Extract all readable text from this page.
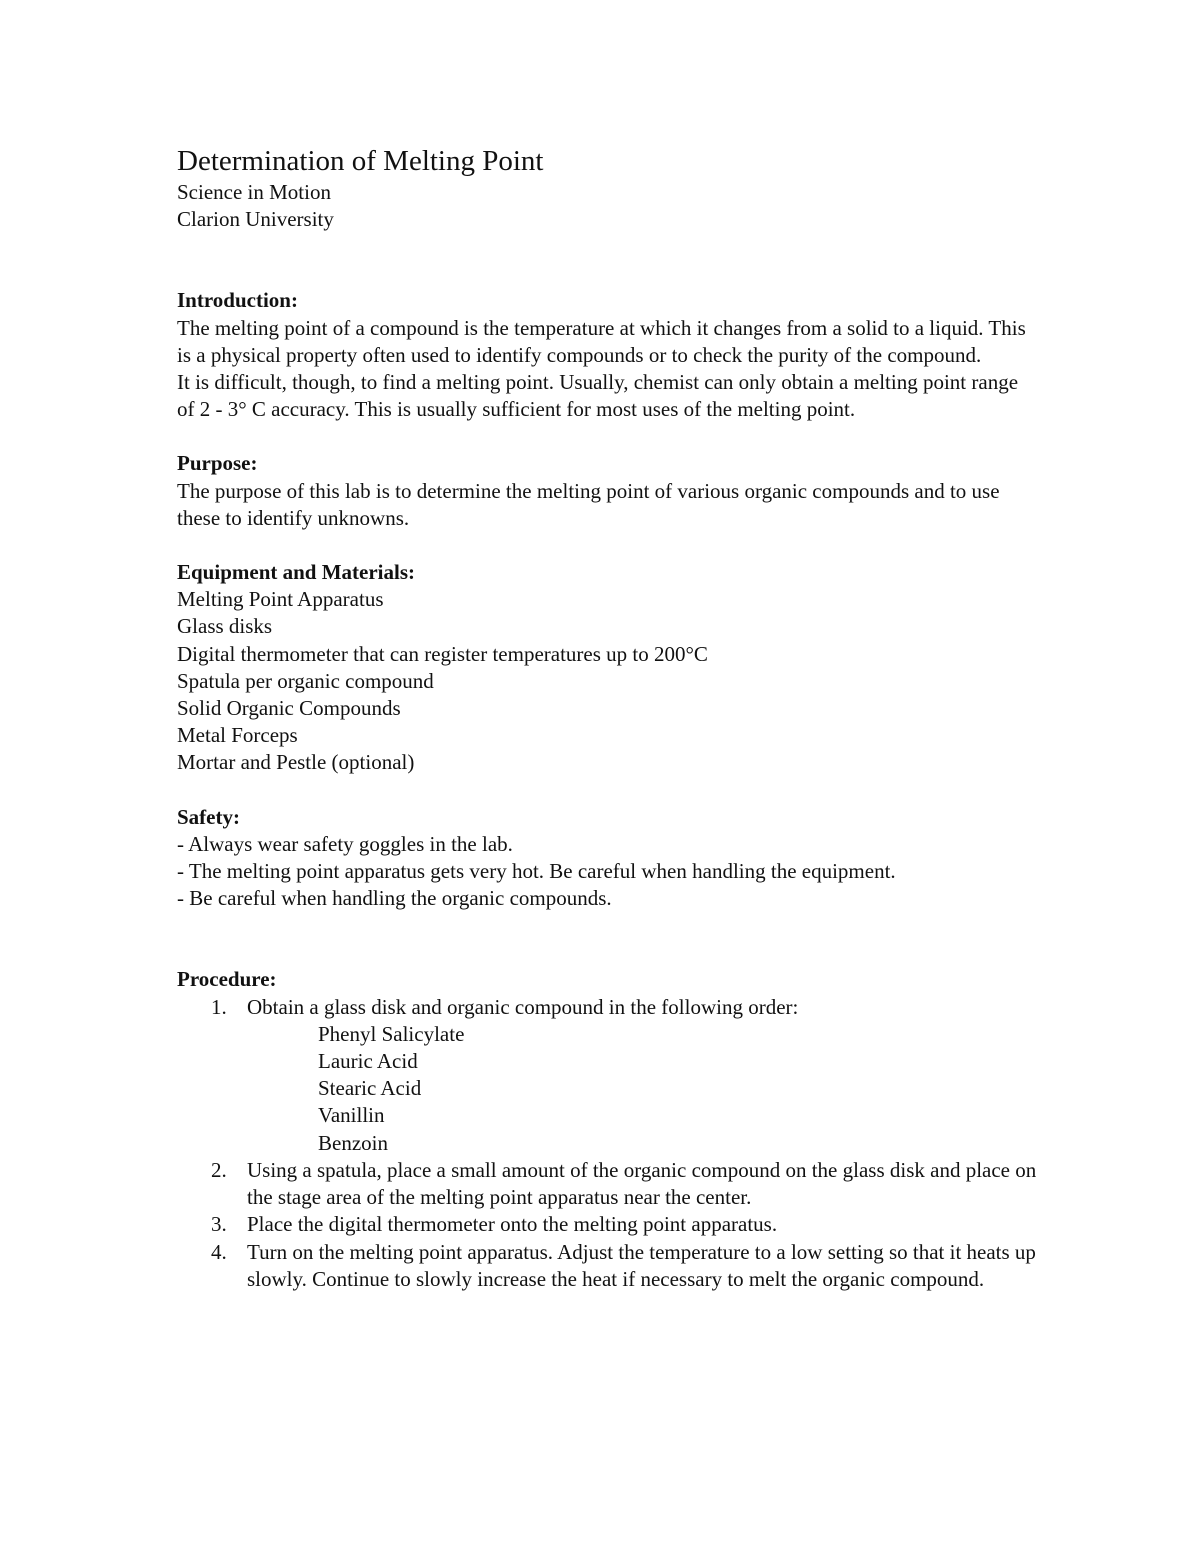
Determination of Melting Point
Science in Motion
Clarion University
Introduction:
The melting point of a compound is the temperature at which it changes from a solid to a liquid. This is a physical property often used to identify compounds or to check the purity of the compound.
It is difficult, though, to find a melting point. Usually, chemist can only obtain a melting point range of 2 - 3° C accuracy. This is usually sufficient for most uses of the melting point.
Purpose:
The purpose of this lab is to determine the melting point of various organic compounds and to use these to identify unknowns.
Equipment and Materials:
Melting Point Apparatus
Glass disks
Digital thermometer that can register temperatures up to 200°C
Spatula per organic compound
Solid Organic Compounds
Metal Forceps
Mortar and Pestle (optional)
Safety:
- Always wear safety goggles in the lab.
- The melting point apparatus gets very hot. Be careful when handling the equipment.
- Be careful when handling the organic compounds.
Procedure:
1. Obtain a glass disk and organic compound in the following order:
Phenyl Salicylate
Lauric Acid
Stearic Acid
Vanillin
Benzoin
2. Using a spatula, place a small amount of the organic compound on the glass disk and place on the stage area of the melting point apparatus near the center.
3. Place the digital thermometer onto the melting point apparatus.
4. Turn on the melting point apparatus. Adjust the temperature to a low setting so that it heats up slowly. Continue to slowly increase the heat if necessary to melt the organic compound.
